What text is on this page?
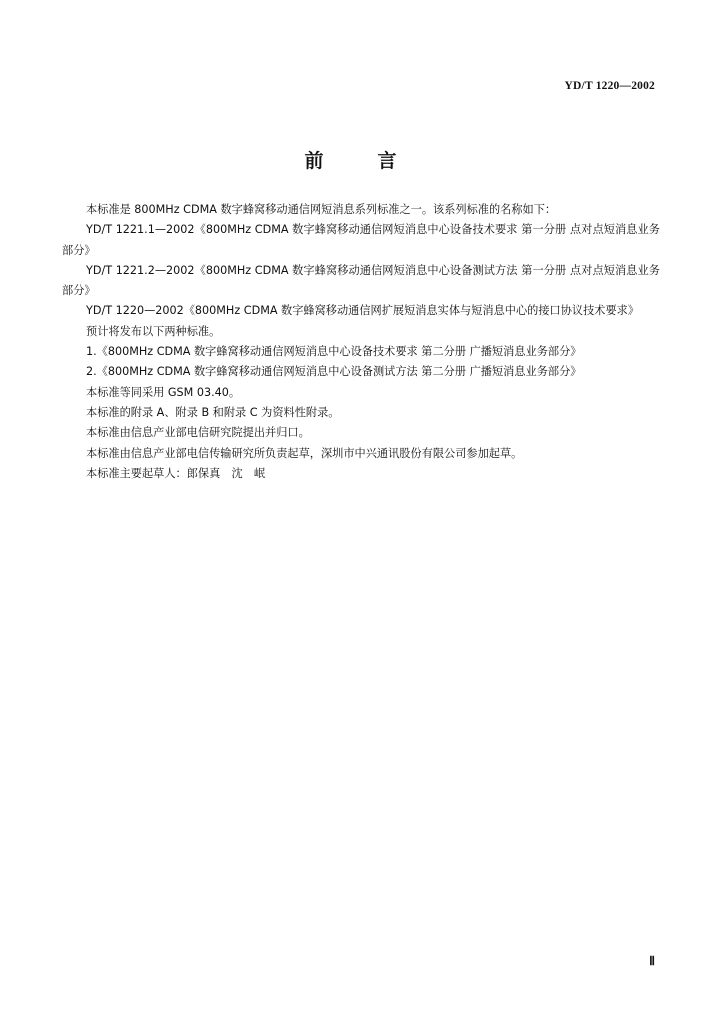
YD/T 1220—2002
前	言

本标准是 800MHz CDMA 数字蜂窝移动通信网短消息系列标准之一。该系列标准的名称如下：

YD/T 1221.1—2002《800MHz CDMA 数字蜂窝移动通信网短消息中心设备技术要求 第一分册 点对点短消息业务部分》

YD/T 1221.2—2002《800MHz CDMA 数字蜂窝移动通信网短消息中心设备测试方法 第一分册 点对点短消息业务部分》

YD/T 1220—2002《800MHz CDMA 数字蜂窝移动通信网扩展短消息实体与短消息中心的接口协议技术要求》

预计将发布以下两种标准。

1.《800MHz CDMA 数字蜂窝移动通信网短消息中心设备技术要求 第二分册 广播短消息业务部分》

2.《800MHz CDMA 数字蜂窝移动通信网短消息中心设备测试方法 第二分册 广播短消息业务部分》

本标准等同采用 GSM 03.40。

本标准的附录 A、附录 B 和附录 C 为资料性附录。

本标准由信息产业部电信研究院提出并归口。

本标准由信息产业部电信传输研究所负责起草，深圳市中兴通讯股份有限公司参加起草。

本标准主要起草人：郎保真　沈　岷

Ⅱ
